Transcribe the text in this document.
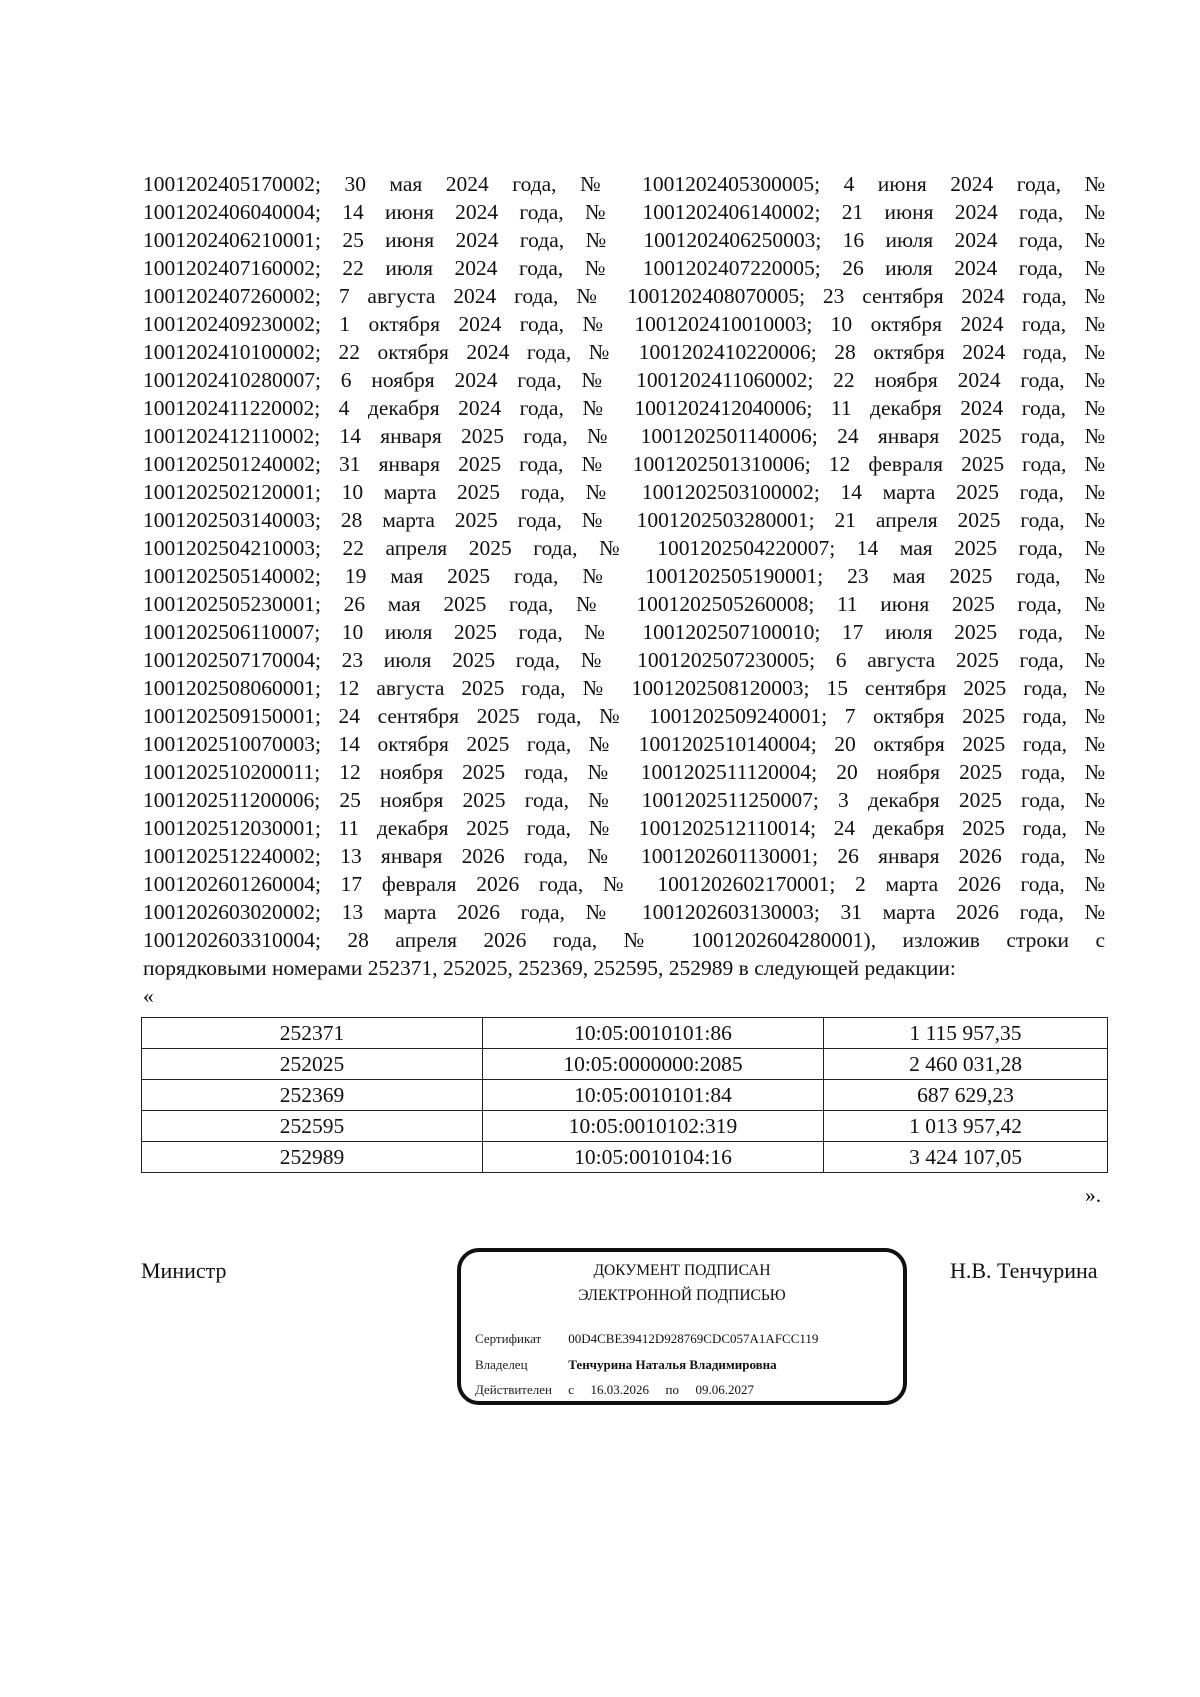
1001202405170002; 30 мая 2024 года, № 1001202405300005; 4 июня 2024 года, №
1001202406040004; 14 июня 2024 года, № 1001202406140002; 21 июня 2024 года, №
1001202406210001; 25 июня 2024 года, № 1001202406250003; 16 июля 2024 года, №
1001202407160002; 22 июля 2024 года, № 1001202407220005; 26 июля 2024 года, №
1001202407260002; 7 августа 2024 года, № 1001202408070005; 23 сентября 2024 года, №
1001202409230002; 1 октября 2024 года, № 1001202410010003; 10 октября 2024 года, №
1001202410100002; 22 октября 2024 года, № 1001202410220006; 28 октября 2024 года, №
1001202410280007; 6 ноября 2024 года, № 1001202411060002; 22 ноября 2024 года, №
1001202411220002; 4 декабря 2024 года, № 1001202412040006; 11 декабря 2024 года, №
1001202412110002; 14 января 2025 года, № 1001202501140006; 24 января 2025 года, №
1001202501240002; 31 января 2025 года, № 1001202501310006; 12 февраля 2025 года, №
1001202502120001; 10 марта 2025 года, № 1001202503100002; 14 марта 2025 года, №
1001202503140003; 28 марта 2025 года, № 1001202503280001; 21 апреля 2025 года, №
1001202504210003; 22 апреля 2025 года, № 1001202504220007; 14 мая 2025 года, №
1001202505140002; 19 мая 2025 года, № 1001202505190001; 23 мая 2025 года, №
1001202505230001; 26 мая 2025 года, № 1001202505260008; 11 июня 2025 года, №
1001202506110007; 10 июля 2025 года, № 1001202507100010; 17 июля 2025 года, №
1001202507170004; 23 июля 2025 года, № 1001202507230005; 6 августа 2025 года, №
1001202508060001; 12 августа 2025 года, № 1001202508120003; 15 сентября 2025 года, №
1001202509150001; 24 сентября 2025 года, № 1001202509240001; 7 октября 2025 года, №
1001202510070003; 14 октября 2025 года, № 1001202510140004; 20 октября 2025 года, №
1001202510200011; 12 ноября 2025 года, № 1001202511120004; 20 ноября 2025 года, №
1001202511200006; 25 ноября 2025 года, № 1001202511250007; 3 декабря 2025 года, №
1001202512030001; 11 декабря 2025 года, № 1001202512110014; 24 декабря 2025 года, №
1001202512240002; 13 января 2026 года, № 1001202601130001; 26 января 2026 года, №
1001202601260004; 17 февраля 2026 года, № 1001202602170001; 2 марта 2026 года, №
1001202603020002; 13 марта 2026 года, № 1001202603130003; 31 марта 2026 года, №
1001202603310004; 28 апреля 2026 года, № 1001202604280001), изложив строки с
порядковыми номерами 252371, 252025, 252369, 252595, 252989 в следующей редакции:
«
252371	10:05:0010101:86	1 115 957,35
252025	10:05:0000000:2085	2 460 031,28
252369	10:05:0010101:84	687 629,23
252595	10:05:0010102:319	1 013 957,42
252989	10:05:0010104:16	3 424 107,05
».
Министр	Н.В. Тенчурина
ДОКУМЕНТ ПОДПИСАН
ЭЛЕКТРОННОЙ ПОДПИСЬЮ
Сертификат 00D4CBE39412D928769CDC057A1AFCC119
Владелец	Тенчурина Наталья Владимировна
Действителен с 16.03.2026 по 09.06.2027
